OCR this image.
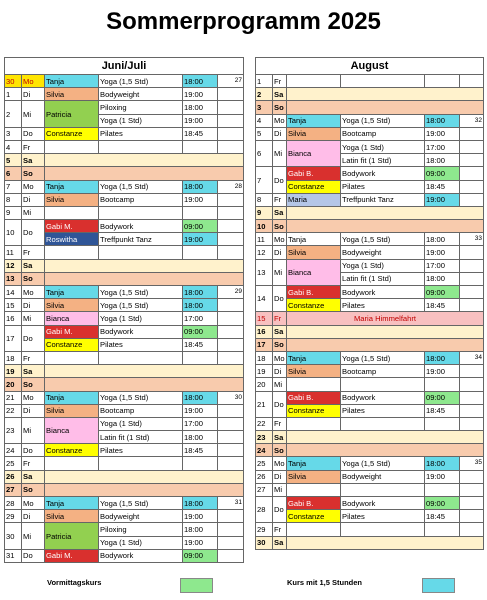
Sommerprogramm 2025
Juni/Juli					
30	Mo	Tanja	Yoga (1,5 Std)	18:00	27
1	Di	Silvia	Bodyweight	19:00	
2	Mi	Patricia	Piloxing	18:00	
			Yoga (1 Std)	19:00	
3	Do	Constanze	Pilates	18:45	
4	Fr				
5	Sa				
6	So				
7	Mo	Tanja	Yoga (1,5 Std)	18:00	28
8	Di	Silvia	Bootcamp	19:00	
9	Mi				
10	Do	Gabi M.	Bodywork	09:00	
		Roswitha	Treffpunkt Tanz	19:00	
11	Fr				
12	Sa				
13	So				
14	Mo	Tanja	Yoga (1,5 Std)	18:00	29
15	Di	Silvia	Yoga (1,5 Std)	18:00	
16	Mi	Bianca	Yoga (1 Std)	17:00	
17	Do	Gabi M.	Bodywork	09:00	
		Constanze	Pilates	18:45	
18	Fr				
19	Sa				
20	So				
21	Mo	Tanja	Yoga (1,5 Std)	18:00	30
22	Di	Silvia	Bootcamp	19:00	
23	Mi	Bianca	Yoga (1 Std)	17:00	
			Latin fit (1 Std)	18:00	
24	Do	Constanze	Pilates	18:45	
25	Fr				
26	Sa				
27	So				
28	Mo	Tanja	Yoga (1,5 Std)	18:00	31
29	Di	Silvia	Bodyweight	19:00	
30	Mi	Patricia	Piloxing	18:00	
			Yoga (1 Std)	19:00	
31	Do	Gabi M.	Bodywork	09:00	
August					
1	Fr				
2	Sa				
3	So				
4	Mo	Tanja	Yoga (1,5 Std)	18:00	32
5	Di	Silvia	Bootcamp	19:00	
6	Mi	Bianca	Yoga (1 Std)	17:00	
			Latin fit (1 Std)	18:00	
7	Do	Gabi B.	Bodywork	09:00	
		Constanze	Pilates	18:45	
8	Fr	Maria	Treffpunkt Tanz	19:00	
9	Sa				
10	So				
11	Mo	Tanja	Yoga (1,5 Std)	18:00	33
12	Di	Silvia	Bodyweight	19:00	
13	Mi	Bianca	Yoga (1 Std)	17:00	
			Latin fit (1 Std)	18:00	
14	Do	Gabi B.	Bodywork	09:00	
		Constanze	Pilates	18:45	
15	Fr	Maria Himmelfahrt			
16	Sa				
17	So				
18	Mo	Tanja	Yoga (1,5 Std)	18:00	34
19	Di	Silvia	Bootcamp	19:00	
20	Mi				
21	Do	Gabi B.	Bodywork	09:00	
		Constanze	Pilates	18:45	
22	Fr				
23	Sa				
24	So				
25	Mo	Tanja	Yoga (1,5 Std)	18:00	35
26	Di	Silvia	Bodyweight	19:00	
27	Mi				
28	Do	Gabi B.	Bodywork	09:00	
		Constanze	Pilates	18:45	
29	Fr				
30	Sa				
Vormittagskurs	Kurs mit 1,5 Stunden
